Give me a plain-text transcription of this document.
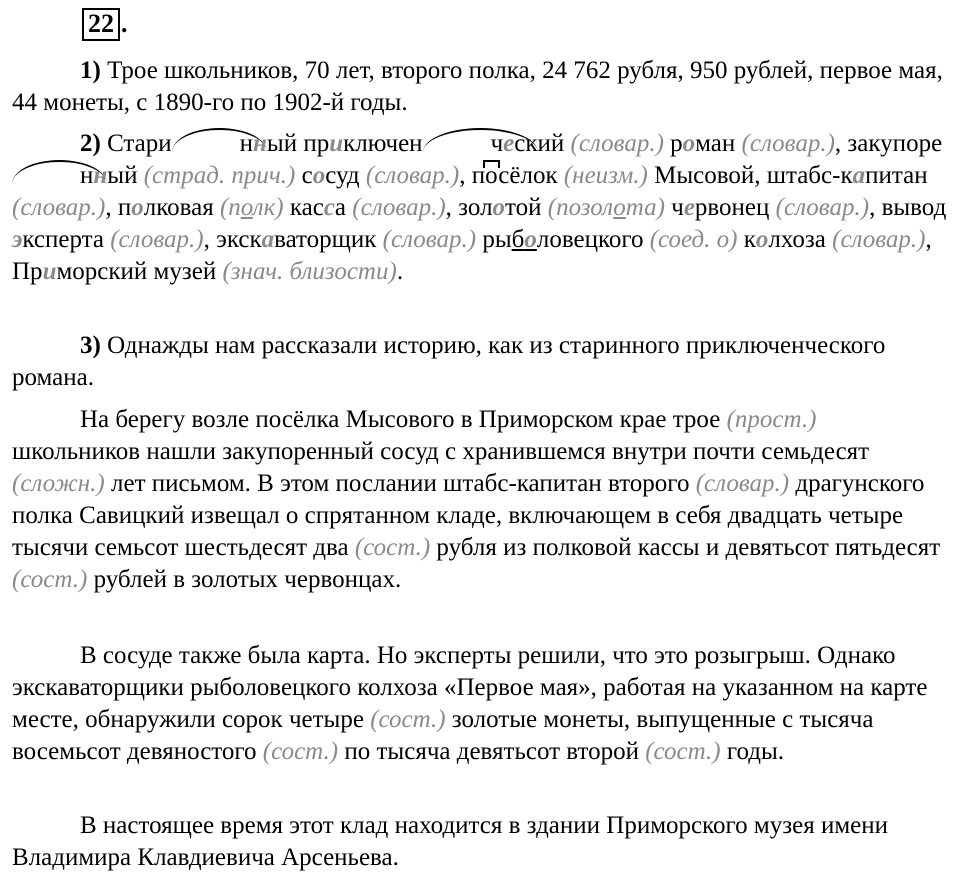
22 .

1) Трое школьников, 70 лет, второго полка, 24 762 рубля, 950 рублей, первое мая, 44 монеты, с 1890-го по 1902-й годы.

2) Стари	нный приключен	ческий (словар.) роман (словар.), закупоренный (страд. прич.) сосуд (словар.), посёлок (неизм.) Мысовой, штабс-капитан (словар.), полковая (полк) касса (словар.), золотой (позолота) червонец (словар.), вывод эксперта (словар.), экскаваторщик (словар.) рыболовецкого (соед. о) колхоза (словар.), Приморский музей (знач. близости).

3) Однажды нам рассказали историю, как из старинного приключенческого романа.

На берегу возле посёлка Мысового в Приморском крае трое (прост.) школьников нашли закупоренный сосуд с хранившемся внутри почти семьдесят (сложн.) лет письмом. В этом послании штабс-капитан второго (словар.) драгунского полка Савицкий извещал о спрятанном кладе, включающем в себя двадцать четыре тысячи семьсот шестьдесят два (сост.) рубля из полковой кассы и девятьсот пятьдесят (сост.) рублей в золотых червонцах.

В сосуде также была карта. Но эксперты решили, что это розыгрыш. Однако экскаваторщики рыболовецкого колхоза «Первое мая», работая на указанном на карте месте, обнаружили сорок четыре (сост.) золотые монеты, выпущенные с тысяча восемьсот девяностого (сост.) по тысяча девятьсот второй (сост.) годы.

В настоящее время этот клад находится в здании Приморского музея имени Владимира Клавдиевича Арсеньева.
